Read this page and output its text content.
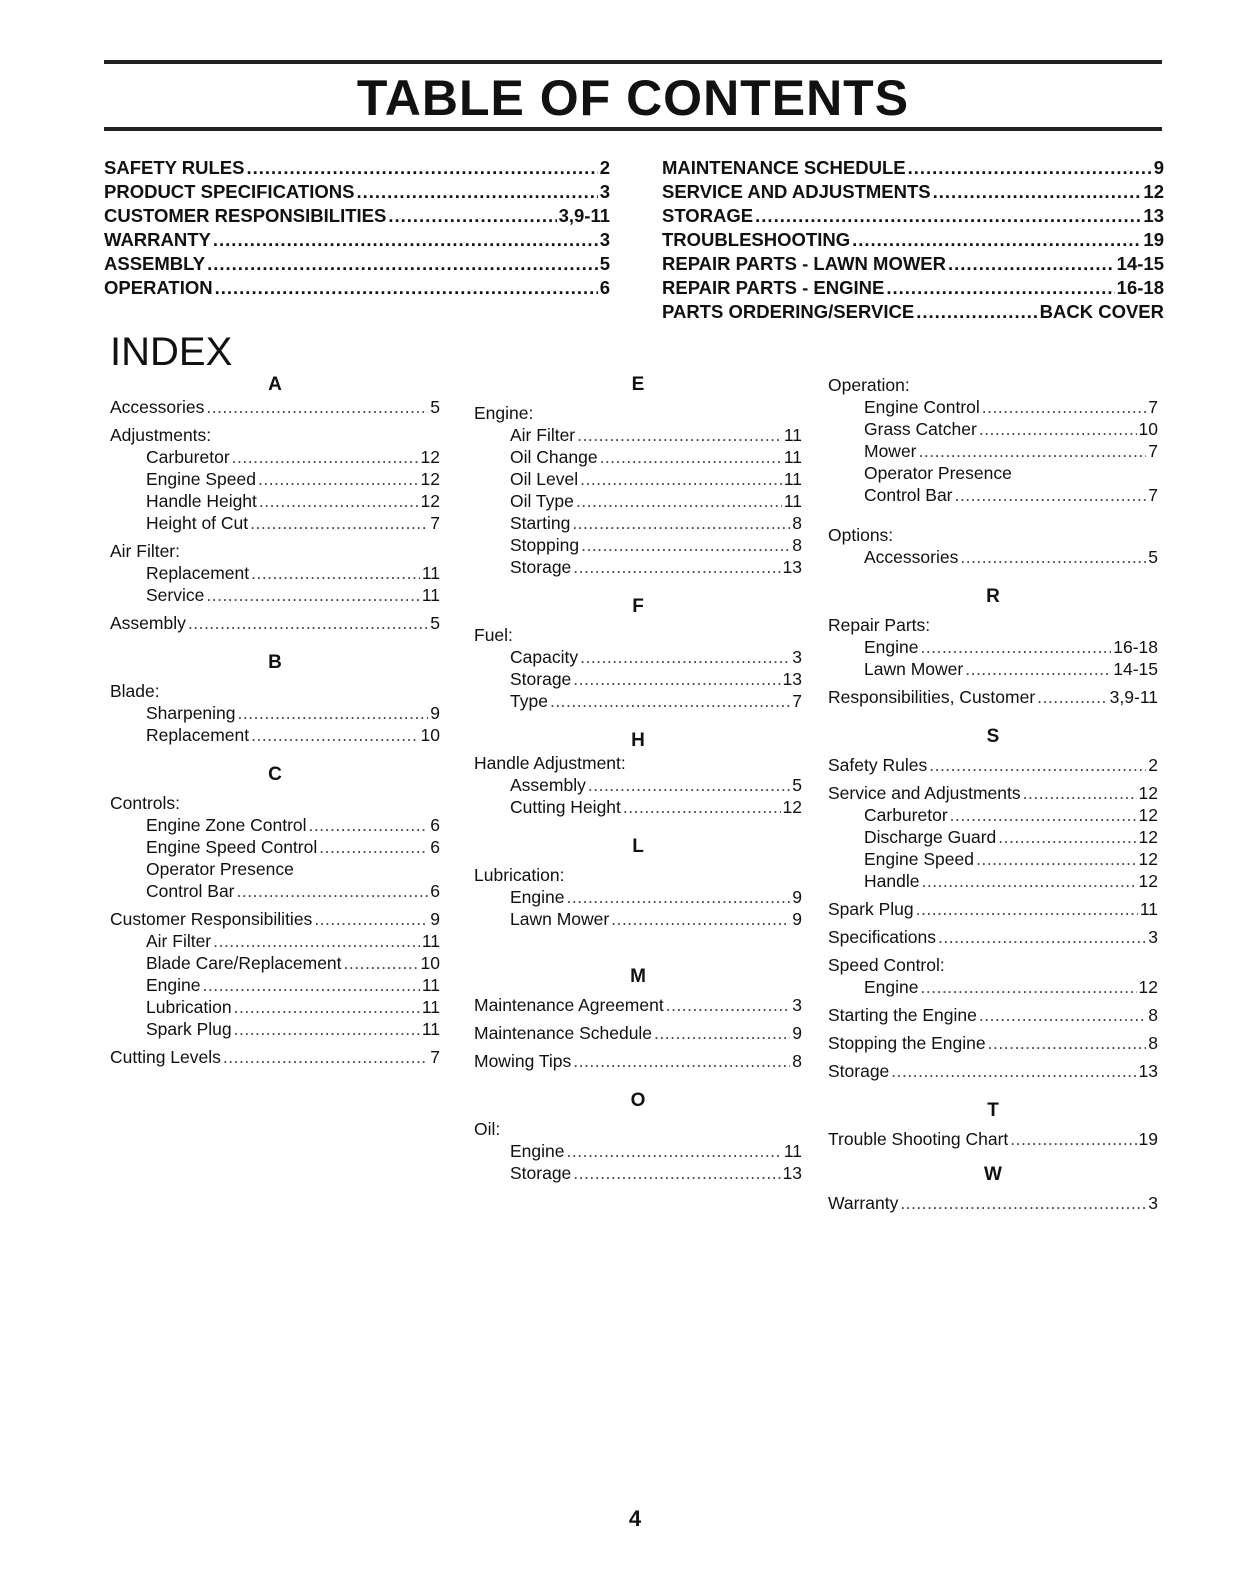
TABLE OF CONTENTS
SAFETY RULES .....	2
PRODUCT SPECIFICATIONS .....	3
CUSTOMER RESPONSIBILITIES .....	3,9-11
WARRANTY .....	3
ASSEMBLY .....	5
OPERATION .....	6
MAINTENANCE SCHEDULE .....	9
SERVICE AND ADJUSTMENTS .....	12
STORAGE .....	13
TROUBLESHOOTING .....	19
REPAIR PARTS - LAWN MOWER .....	14-15
REPAIR PARTS - ENGINE .....	16-18
PARTS ORDERING/SERVICE .....	BACK COVER
INDEX
A
Accessories .....	5
Adjustments:
Carburetor .....	12
Engine Speed .....	12
Handle Height .....	12
Height of Cut .....	7
Air Filter:
Replacement .....	11
Service .....	11
Assembly .....	5
B
Blade:
Sharpening .....	9
Replacement .....	10
C
Controls:
Engine Zone Control .....	6
Engine Speed Control .....	6
Operator Presence
Control Bar .....	6
Customer Responsibilities .....	9
Air Filter .....	11
Blade Care/Replacement .....	10
Engine .....	11
Lubrication .....	11
Spark Plug .....	11
Cutting Levels .....	7
E
Engine:
Air Filter .....	11
Oil Change .....	11
Oil Level .....	11
Oil Type .....	11
Starting .....	8
Stopping .....	8
Storage .....	13
F
Fuel:
Capacity .....	3
Storage .....	13
Type .....	7
H
Handle Adjustment:
Assembly .....	5
Cutting Height .....	12
L
Lubrication:
Engine .....	9
Lawn Mower .....	9
M
Maintenance Agreement .....	3
Maintenance Schedule .....	9
Mowing Tips .....	8
O
Oil:
Engine .....	11
Storage .....	13
Operation:
Engine Control .....	7
Grass Catcher .....	10
Mower .....	7
Operator Presence
Control Bar .....	7
Options:
Accessories .....	5
R
Repair Parts:
Engine .....	16-18
Lawn Mower .....	14-15
Responsibilities, Customer .....	3,9-11
S
Safety Rules .....	2
Service and Adjustments .....	12
Carburetor .....	12
Discharge Guard .....	12
Engine Speed .....	12
Handle .....	12
Spark Plug .....	11
Specifications .....	3
Speed Control:
Engine .....	12
Starting the Engine .....	8
Stopping the Engine .....	8
Storage .....	13
T
Trouble Shooting Chart .....	19
W
Warranty .....	3
4
